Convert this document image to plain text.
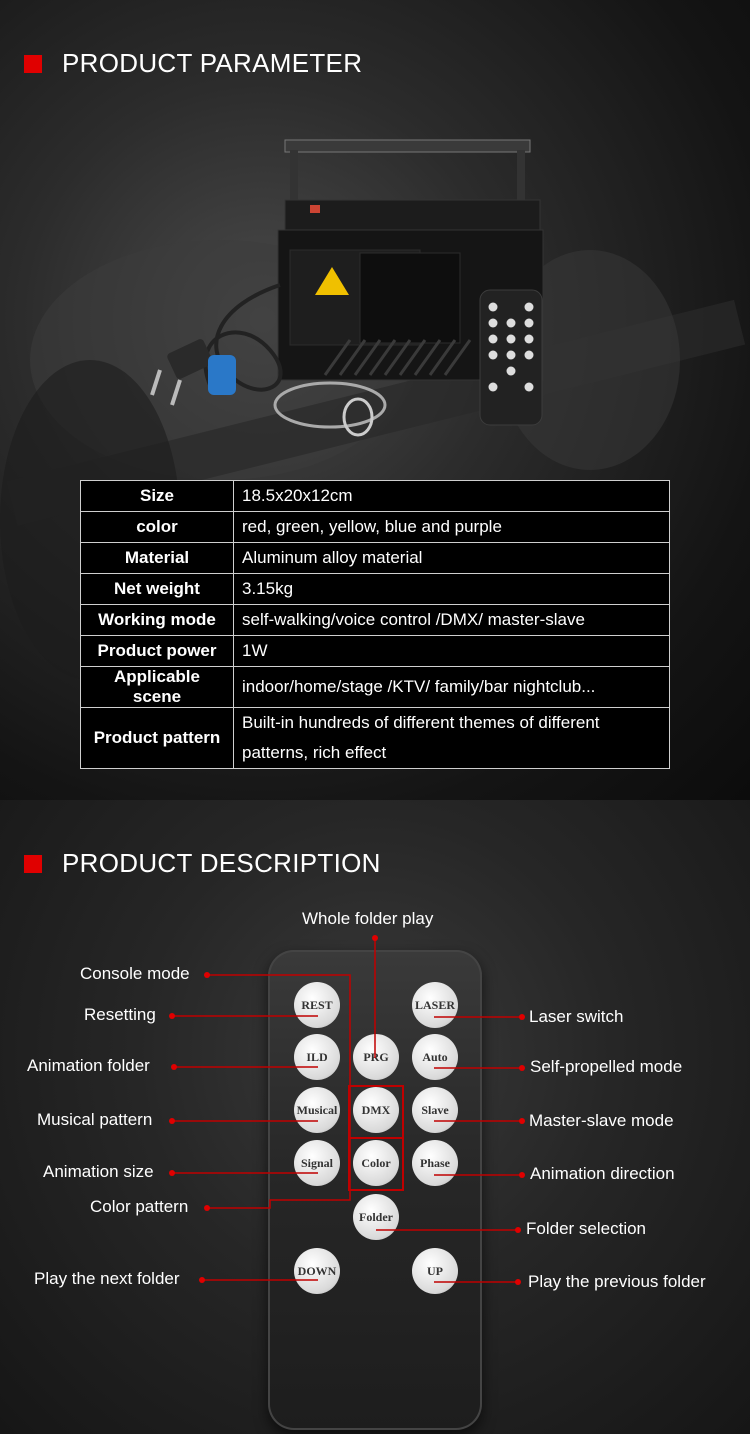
PRODUCT PARAMETER
Size	18.5x20x12cm
color	red, green, yellow, blue and purple
Material	Aluminum alloy material
Net weight	3.15kg
Working mode	self-walking/voice control /DMX/ master-slave
Product power	1W
Applicable scene	indoor/home/stage /KTV/ family/bar nightclub...
Product pattern	Built-in hundreds of different themes of different patterns, rich effect
PRODUCT DESCRIPTION
REST	LASER
ILD	PRG	Auto
Musical	DMX	Slave
Signal	Color	Phase
Folder
DOWN	UP
Whole folder play
Console mode
Resetting
Animation folder
Musical pattern
Animation size
Color pattern
Play the next folder
Laser switch
Self-propelled mode
Master-slave mode
Animation direction
Folder selection
Play the previous folder
